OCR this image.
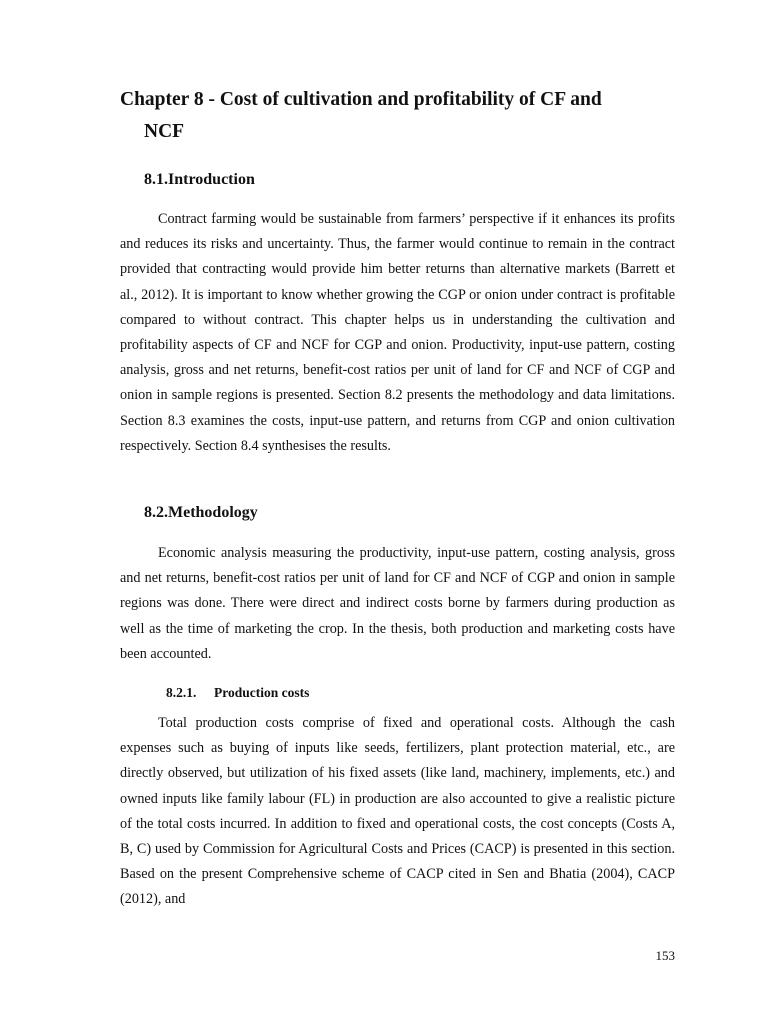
Chapter 8 - Cost of cultivation and profitability of CF and
NCF
8.1.Introduction

Contract farming would be sustainable from farmers’ perspective if it enhances its profits and reduces its risks and uncertainty. Thus, the farmer would continue to remain in the contract provided that contracting would provide him better returns than alternative markets (Barrett et al., 2012). It is important to know whether growing the CGP or onion under contract is profitable compared to without contract. This chapter helps us in understanding the cultivation and profitability aspects of CF and NCF for CGP and onion. Productivity, input-use pattern, costing analysis, gross and net returns, benefit-cost ratios per unit of land for CF and NCF of CGP and onion in sample regions is presented. Section 8.2 presents the methodology and data limitations. Section 8.3 examines the costs, input-use pattern, and returns from CGP and onion cultivation respectively. Section 8.4 synthesises the results.

8.2.Methodology

Economic analysis measuring the productivity, input-use pattern, costing analysis, gross and net returns, benefit-cost ratios per unit of land for CF and NCF of CGP and onion in sample regions was done. There were direct and indirect costs borne by farmers during production as well as the time of marketing the crop. In the thesis, both production and marketing costs have been accounted.

8.2.1. Production costs

Total production costs comprise of fixed and operational costs. Although the cash expenses such as buying of inputs like seeds, fertilizers, plant protection material, etc., are directly observed, but utilization of his fixed assets (like land, machinery, implements, etc.) and owned inputs like family labour (FL) in production are also accounted to give a realistic picture of the total costs incurred. In addition to fixed and operational costs, the cost concepts (Costs A, B, C) used by Commission for Agricultural Costs and Prices (CACP) is presented in this section. Based on the present Comprehensive scheme of CACP cited in Sen and Bhatia (2004), CACP (2012), and

153
